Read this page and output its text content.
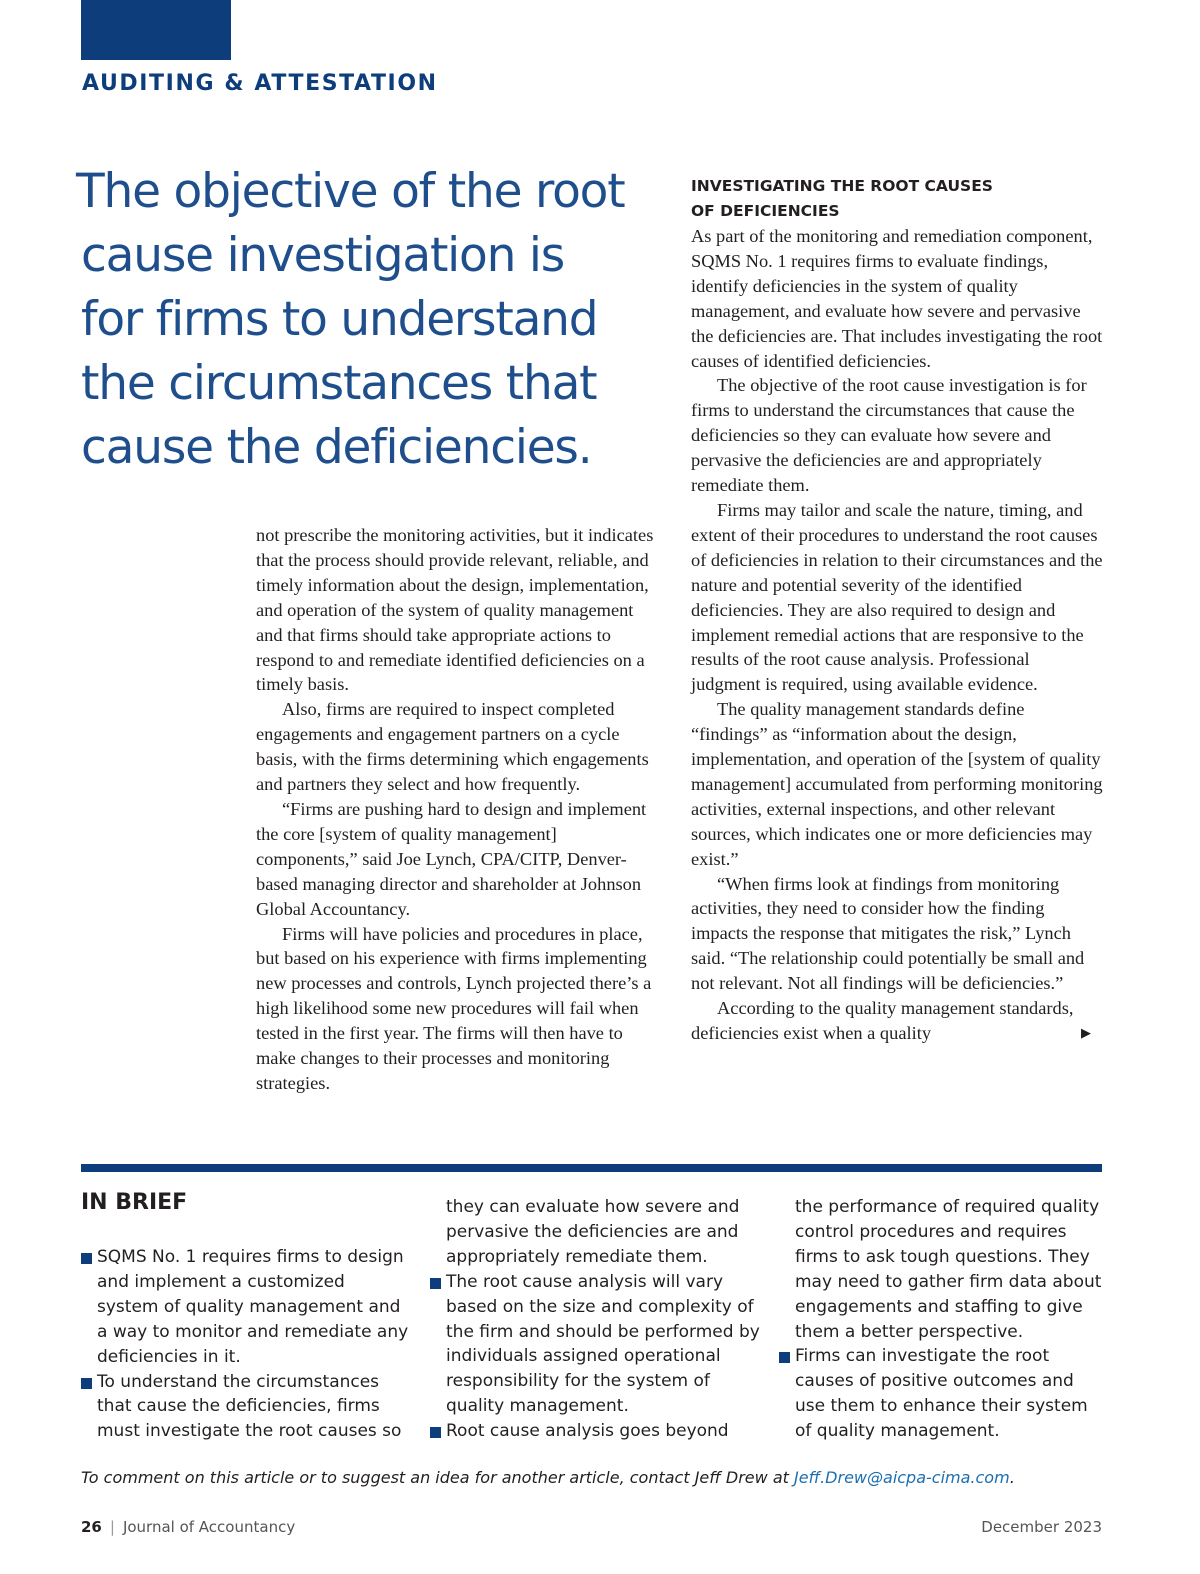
AUDITING & ATTESTATION
The objective of the root
cause investigation is
for firms to understand
the circumstances that
cause the deficiencies.

not prescribe the monitoring activities, but it indicates that the process should provide relevant, reliable, and timely information about the design, implementation, and operation of the system of quality management and that firms should take appropriate actions to respond to and remediate identified deficiencies on a timely basis.

Also, firms are required to inspect completed engagements and engagement partners on a cycle basis, with the firms determining which engagements and partners they select and how frequently.

“Firms are pushing hard to design and implement the core [system of quality management] components,” said Joe Lynch, CPA/CITP, Denver-based managing director and shareholder at Johnson Global Accountancy.

Firms will have policies and procedures in place, but based on his experience with firms implementing new processes and controls, Lynch projected there’s a high likelihood some new procedures will fail when tested in the first year. The firms will then have to make changes to their processes and monitoring strategies.

INVESTIGATING THE ROOT CAUSES
OF DEFICIENCIES

As part of the monitoring and remediation component, SQMS No. 1 requires firms to evaluate findings, identify deficiencies in the system of quality management, and evaluate how severe and pervasive the deficiencies are. That includes investigating the root causes of identified deficiencies.

The objective of the root cause investigation is for firms to understand the circumstances that cause the deficiencies so they can evaluate how severe and pervasive the deficiencies are and appropriately remediate them.

Firms may tailor and scale the nature, timing, and extent of their procedures to understand the root causes of deficiencies in relation to their circumstances and the nature and potential severity of the identified deficiencies. They are also required to design and implement remedial actions that are responsive to the results of the root cause analysis. Professional judgment is required, using available evidence.

The quality management standards define “findings” as “information about the design, implementation, and operation of the [system of quality management] accumulated from performing monitoring activities, external inspections, and other relevant sources, which indicates one or more deficiencies may exist.”

“When firms look at findings from monitoring activities, they need to consider how the finding impacts the response that mitigates the risk,” Lynch said. “The relationship could potentially be small and not relevant. Not all findings will be deficiencies.”

According to the quality management standards, deficiencies exist when a quality	▶

IN BRIEF
SQMS No. 1 requires firms to design and implement a customized system of quality management and a way to monitor and remediate any deficiencies in it.
To understand the circumstances that cause the deficiencies, firms must investigate the root causes so
they can evaluate how severe and pervasive the deficiencies are and appropriately remediate them.
The root cause analysis will vary based on the size and complexity of the firm and should be performed by individuals assigned operational responsibility for the system of quality management.
Root cause analysis goes beyond
the performance of required quality control procedures and requires firms to ask tough questions. They may need to gather firm data about engagements and staffing to give them a better perspective.
Firms can investigate the root causes of positive outcomes and use them to enhance their system of quality management.

To comment on this article or to suggest an idea for another article, contact Jeff Drew at Jeff.Drew@aicpa-cima.com.

26 | Journal of Accountancy	December 2023
